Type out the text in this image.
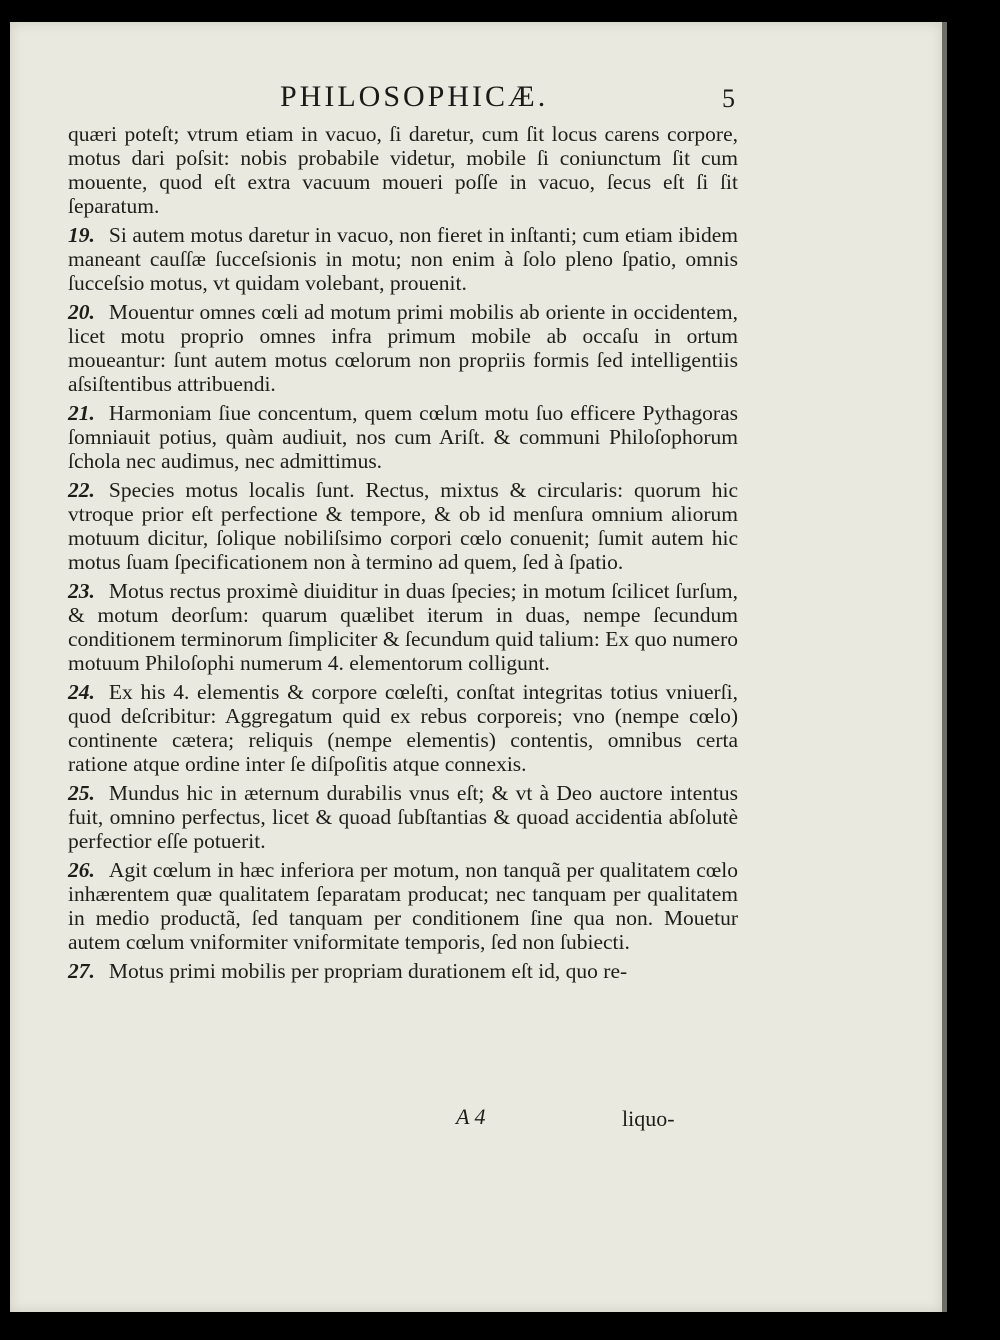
PHILOSOPHICÆ.	5

quæri poteſt; vtrum etiam in vacuo, ſi daretur, cum ſit locus carens corpore, motus dari poſsit: nobis probabile videtur, mobile ſi coniunctum ſit cum mouente, quod eſt extra vacuum moueri poſſe in vacuo, ſecus eſt ſi ſit ſeparatum.

19. Si autem motus daretur in vacuo, non fieret in inſtanti; cum etiam ibidem maneant cauſſæ ſucceſsionis in motu; non enim à ſolo pleno ſpatio, omnis ſucceſsio motus, vt quidam volebant, prouenit.

20. Mouentur omnes cœli ad motum primi mobilis ab oriente in occidentem, licet motu proprio omnes infra primum mobile ab occaſu in ortum moueantur: ſunt autem motus cœlorum non propriis formis ſed intelligentiis aſsiſtentibus attribuendi.

21. Harmoniam ſiue concentum, quem cœlum motu ſuo efficere Pythagoras ſomniauit potius, quàm audiuit, nos cum Ariſt. & communi Philoſophorum ſchola nec audimus, nec admittimus.

22. Species motus localis ſunt. Rectus, mixtus & circularis: quorum hic vtroque prior eſt perfectione & tempore, & ob id menſura omnium aliorum motuum dicitur, ſolique nobiliſsimo corpori cœlo conuenit; ſumit autem hic motus ſuam ſpecificationem non à termino ad quem, ſed à ſpatio.

23. Motus rectus proximè diuiditur in duas ſpecies; in motum ſcilicet ſurſum, & motum deorſum: quarum quælibet iterum in duas, nempe ſecundum conditionem terminorum ſimpliciter & ſecundum quid talium: Ex quo numero motuum Philoſophi numerum 4. elementorum colligunt.

24. Ex his 4. elementis & corpore cœleſti, conſtat integritas totius vniuerſi, quod deſcribitur: Aggregatum quid ex rebus corporeis; vno (nempe cœlo) continente cætera; reliquis (nempe elementis) contentis, omnibus certa ratione atque ordine inter ſe diſpoſitis atque connexis.

25. Mundus hic in æternum durabilis vnus eſt; & vt à Deo auctore intentus fuit, omnino perfectus, licet & quoad ſubſtantias & quoad accidentia abſolutè perfectior eſſe potuerit.

26. Agit cœlum in hæc inferiora per motum, non tanquã per qualitatem cœlo inhærentem quæ qualitatem ſeparatam producat; nec tanquam per qualitatem in medio productã, ſed tanquam per conditionem ſine qua non. Mouetur autem cœlum vniformiter vniformitate temporis, ſed non ſubiecti.

27. Motus primi mobilis per propriam durationem eſt id, quo re-

A 4	liquo-
